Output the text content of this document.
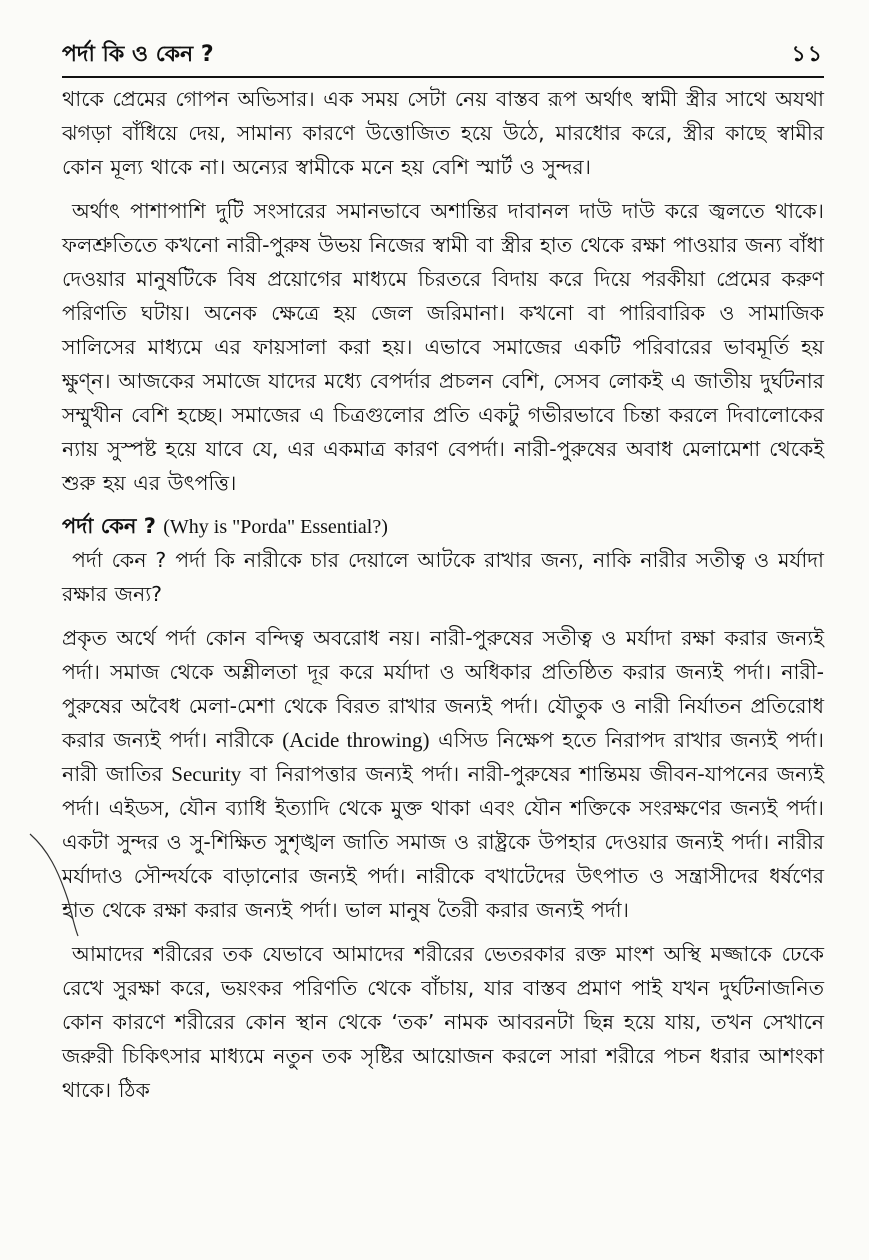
পর্দা কি ও কেন ?	১১

থাকে প্রেমের গোপন অভিসার। এক সময় সেটা নেয় বাস্তব রূপ অর্থাৎ স্বামী স্ত্রীর সাথে অযথা ঝগড়া বাঁধিয়ে দেয়, সামান্য কারণে উত্তোজিত হয়ে উঠে, মারধোর করে, স্ত্রীর কাছে স্বামীর কোন মূল্য থাকে না। অন্যের স্বামীকে মনে হয় বেশি স্মার্ট ও সুন্দর।

অর্থাৎ পাশাপাশি দুটি সংসারের সমানভাবে অশান্তির দাবানল দাউ দাউ করে জ্বলতে থাকে। ফলশ্রুতিতে কখনো নারী-পুরুষ উভয় নিজের স্বামী বা স্ত্রীর হাত থেকে রক্ষা পাওয়ার জন্য বাঁধা দেওয়ার মানুষটিকে বিষ প্রয়োগের মাধ্যমে চিরতরে বিদায় করে দিয়ে পরকীয়া প্রেমের করুণ পরিণতি ঘটায়। অনেক ক্ষেত্রে হয় জেল জরিমানা। কখনো বা পারিবারিক ও সামাজিক সালিসের মাধ্যমে এর ফায়সালা করা হয়। এভাবে সমাজের একটি পরিবারের ভাবমূর্তি হয় ক্ষুণ্ন। আজকের সমাজে যাদের মধ্যে বেপর্দার প্রচলন বেশি, সেসব লোকই এ জাতীয় দুর্ঘটনার সম্মুখীন বেশি হচ্ছে। সমাজের এ চিত্রগুলোর প্রতি একটু গভীরভাবে চিন্তা করলে দিবালোকের ন্যায় সুস্পষ্ট হয়ে যাবে যে, এর একমাত্র কারণ বেপর্দা। নারী-পুরুষের অবাধ মেলামেশা থেকেই শুরু হয় এর উৎপত্তি।

পর্দা কেন ? (Why is "Porda" Essential?)

পর্দা কেন ? পর্দা কি নারীকে চার দেয়ালে আটকে রাখার জন্য, নাকি নারীর সতীত্ব ও মর্যাদা রক্ষার জন্য?

প্রকৃত অর্থে পর্দা কোন বন্দিত্ব অবরোধ নয়। নারী-পুরুষের সতীত্ব ও মর্যাদা রক্ষা করার জন্যই পর্দা। সমাজ থেকে অশ্লীলতা দূর করে মর্যাদা ও অধিকার প্রতিষ্ঠিত করার জন্যই পর্দা। নারী-পুরুষের অবৈধ মেলা-মেশা থেকে বিরত রাখার জন্যই পর্দা। যৌতুক ও নারী নির্যাতন প্রতিরোধ করার জন্যই পর্দা। নারীকে (Acide throwing) এসিড নিক্ষেপ হতে নিরাপদ রাখার জন্যই পর্দা। নারী জাতির Security বা নিরাপত্তার জন্যই পর্দা। নারী-পুরুষের শান্তিময় জীবন-যাপনের জন্যই পর্দা। এইডস, যৌন ব্যাধি ইত্যাদি থেকে মুক্ত থাকা এবং যৌন শক্তিকে সংরক্ষণের জন্যই পর্দা। একটা সুন্দর ও সু-শিক্ষিত সুশৃঙ্খল জাতি সমাজ ও রাষ্ট্রকে উপহার দেওয়ার জন্যই পর্দা। নারীর মর্যাদাও সৌন্দর্যকে বাড়ানোর জন্যই পর্দা। নারীকে বখাটেদের উৎপাত ও সন্ত্রাসীদের ধর্ষণের হাত থেকে রক্ষা করার জন্যই পর্দা। ভাল মানুষ তৈরী করার জন্যই পর্দা।

আমাদের শরীরের তক যেভাবে আমাদের শরীরের ভেতরকার রক্ত মাংশ অস্থি মজ্জাকে ঢেকে রেখে সুরক্ষা করে, ভয়ংকর পরিণতি থেকে বাঁচায়, যার বাস্তব প্রমাণ পাই যখন দুর্ঘটনাজনিত কোন কারণে শরীরের কোন স্থান থেকে ‘তক’ নামক আবরনটা ছিন্ন হয়ে যায়, তখন সেখানে জরুরী চিকিৎসার মাধ্যমে নতুন তক সৃষ্টির আয়োজন করলে সারা শরীরে পচন ধরার আশংকা থাকে। ঠিক
